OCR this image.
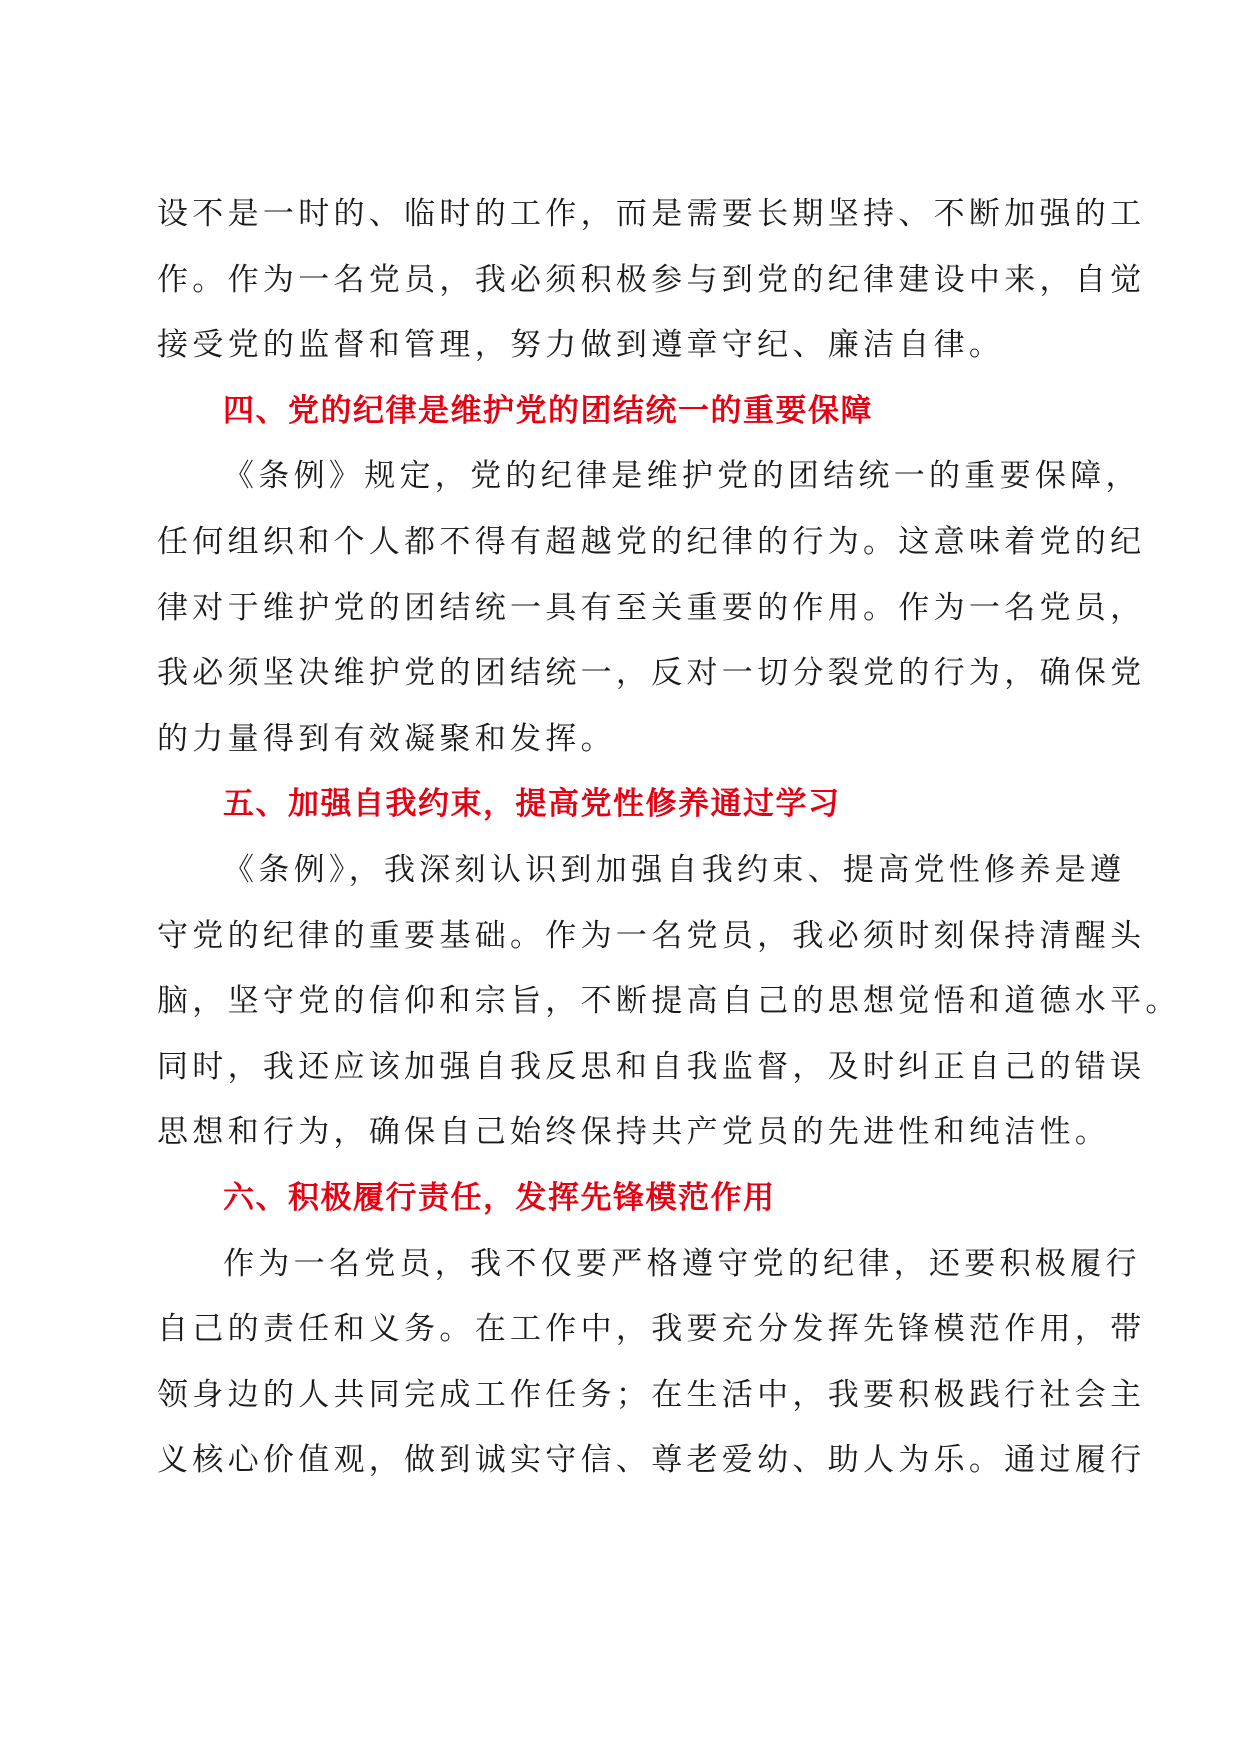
设不是一时的、临时的工作，而是需要长期坚持、不断加强的工
作。作为一名党员，我必须积极参与到党的纪律建设中来，自觉
接受党的监督和管理，努力做到遵章守纪、廉洁自律。
四、党的纪律是维护党的团结统一的重要保障
《条例》规定，党的纪律是维护党的团结统一的重要保障，
任何组织和个人都不得有超越党的纪律的行为。这意味着党的纪
律对于维护党的团结统一具有至关重要的作用。作为一名党员，
我必须坚决维护党的团结统一，反对一切分裂党的行为，确保党
的力量得到有效凝聚和发挥。
五、加强自我约束，提高党性修养通过学习
《条例》，我深刻认识到加强自我约束、提高党性修养是遵
守党的纪律的重要基础。作为一名党员，我必须时刻保持清醒头
脑，坚守党的信仰和宗旨，不断提高自己的思想觉悟和道德水平。
同时，我还应该加强自我反思和自我监督，及时纠正自己的错误
思想和行为，确保自己始终保持共产党员的先进性和纯洁性。
六、积极履行责任，发挥先锋模范作用
作为一名党员，我不仅要严格遵守党的纪律，还要积极履行
自己的责任和义务。在工作中，我要充分发挥先锋模范作用，带
领身边的人共同完成工作任务；在生活中，我要积极践行社会主
义核心价值观，做到诚实守信、尊老爱幼、助人为乐。通过履行
